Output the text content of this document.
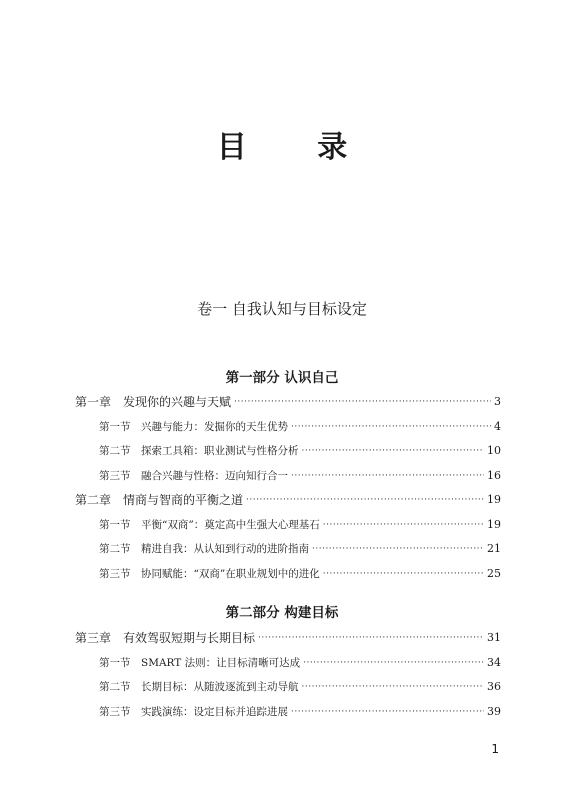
目 录
卷一 自我认知与目标设定
第一部分 认识自己
第一章 发现你的兴趣与天赋 ·····	3
第一节 兴趣与能力：发掘你的天生优势 ·····	4
第二节 探索工具箱：职业测试与性格分析 ·····	10
第三节 融合兴趣与性格：迈向知行合一 ·····	16
第二章 情商与智商的平衡之道 ·····	19
第一节 平衡“双商”：奠定高中生强大心理基石 ·····	19
第二节 精进自我：从认知到行动的进阶指南 ·····	21
第三节 协同赋能：“双商”在职业规划中的进化 ·····	25
第二部分 构建目标
第三章 有效驾驭短期与长期目标 ·····	31
第一节 SMART 法则：让目标清晰可达成 ·····	34
第二节 长期目标：从随波逐流到主动导航 ·····	36
第三节 实践演练：设定目标并追踪进展 ·····	39
1
